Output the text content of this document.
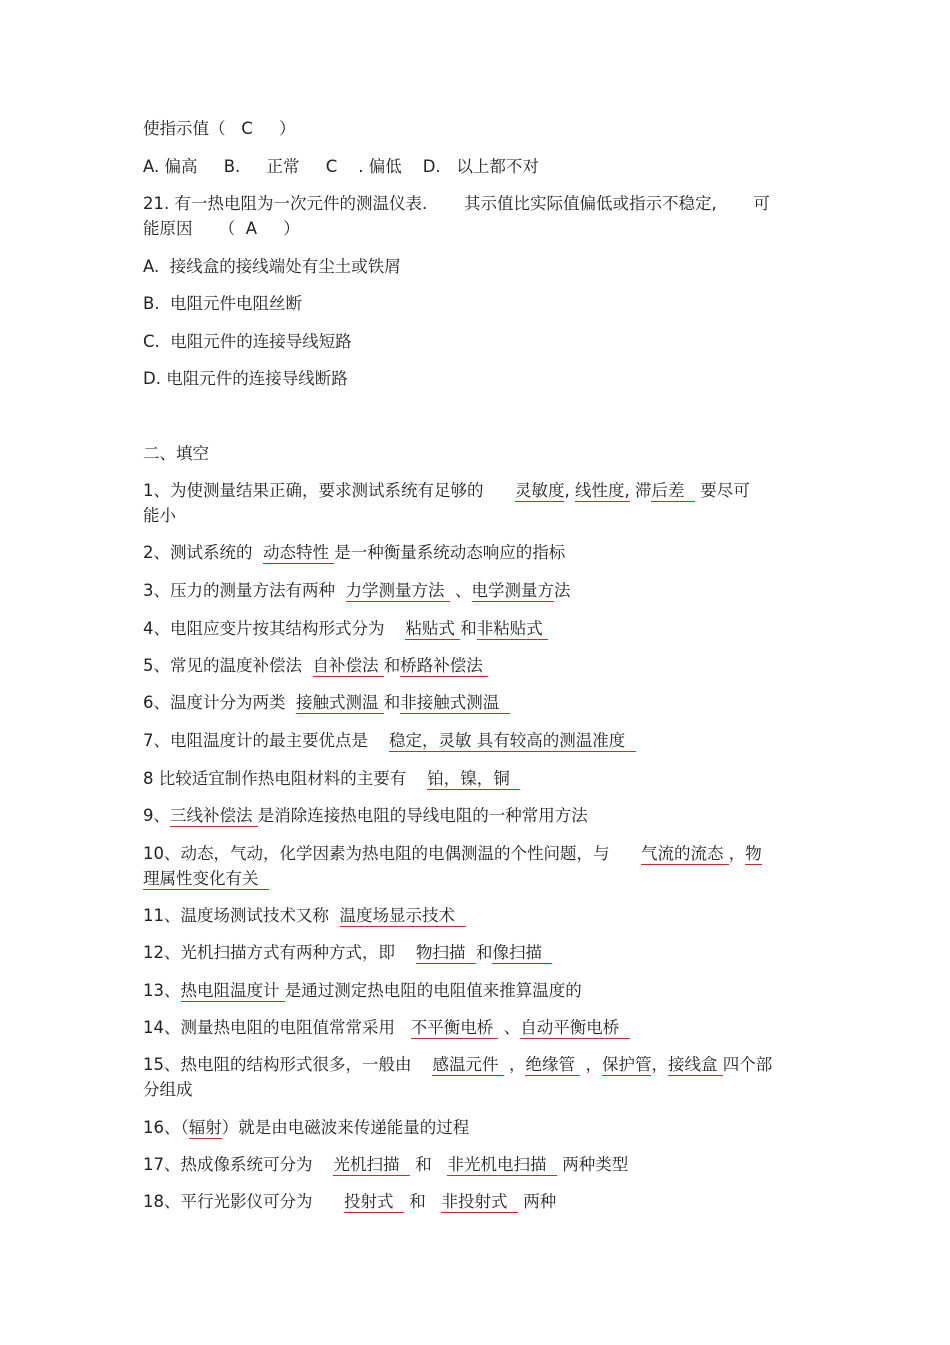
使指示值（   C     ）
A. 偏高     B.     正常     C    . 偏低    D.   以上都不对
21. 有一热电阻为一次元件的测温仪表.       其示值比实际值偏低或指示不稳定,       可
能原因     （  A     ）
A.  接线盒的接线端处有尘土或铁屑
B.  电阻元件电阻丝断
C.  电阻元件的连接导线短路
D. 电阻元件的连接导线断路
二、填空
1、为使测量结果正确，要求测试系统有足够的      灵敏度, 线性度, 滞后差   要尽可
能小
2、测试系统的  动态特性 是一种衡量系统动态响应的指标
3、压力的测量方法有两种  力学测量方法  、电学测量方法
4、电阻应变片按其结构形式分为    粘贴式 和非粘贴式
5、常见的温度补偿法  自补偿法 和桥路补偿法
6、温度计分为两类  接触式测温 和非接触式测温
7、电阻温度计的最主要优点是    稳定，灵敏 具有较高的测温准度
8 比较适宜制作热电阻材料的主要有    铂，镍，铜
9、三线补偿法 是消除连接热电阻的导线电阻的一种常用方法
10、动态，气动，化学因素为热电阻的电偶测温的个性问题，与      气流的流态 ，物
理属性变化有关
11、温度场测试技术又称  温度场显示技术
12、光机扫描方式有两种方式，即    物扫描  和像扫描
13、热电阻温度计 是通过测定热电阻的电阻值来推算温度的
14、测量热电阻的电阻值常常采用   不平衡电桥  、自动平衡电桥
15、热电阻的结构形式很多，一般由    感温元件  ，绝缘管  ，保护管，接线盒 四个部
分组成
16、（辐射）就是由电磁波来传递能量的过程
17、热成像系统可分为    光机扫描   和   非光机电扫描   两种类型
18、平行光影仪可分为      投射式   和   非投射式   两种
